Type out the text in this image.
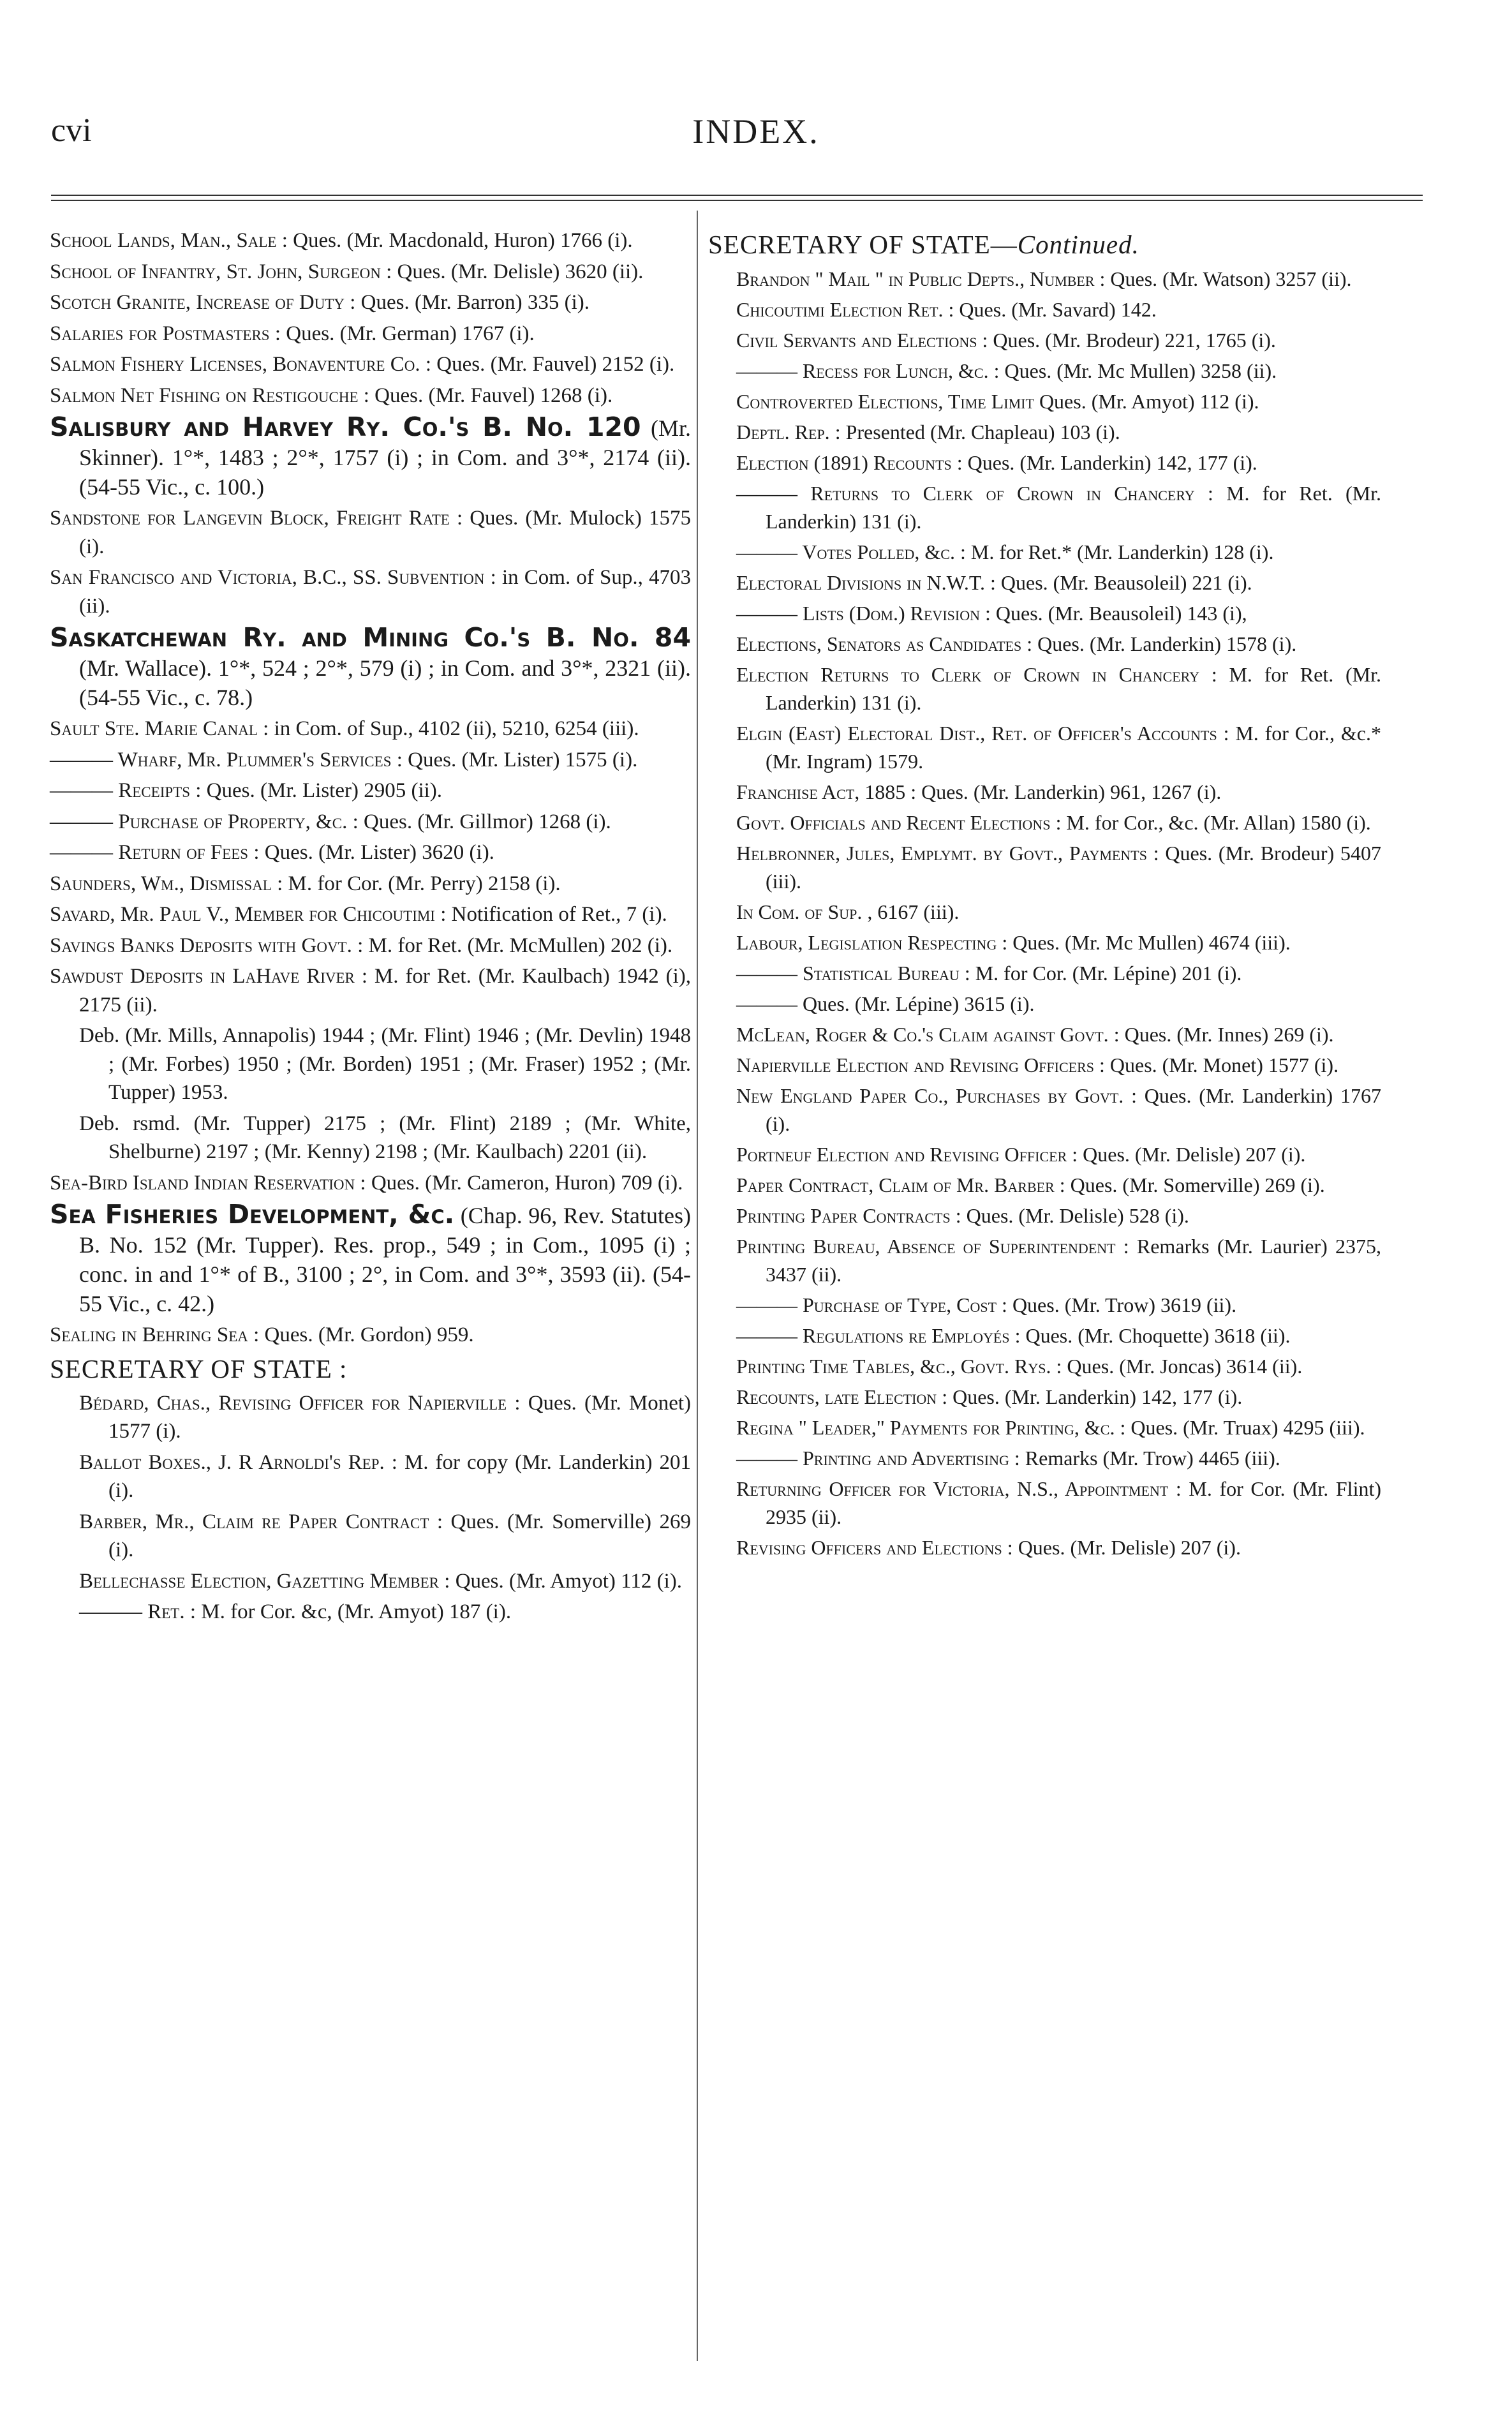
cvi	INDEX.

School Lands, Man., Sale : Ques. (Mr. Macdonald, Huron) 1766 (i).

School of Infantry, St. John, Surgeon : Ques. (Mr. Delisle) 3620 (ii).

Scotch Granite, Increase of Duty : Ques. (Mr. Barron) 335 (i).

Salaries for Postmasters : Ques. (Mr. German) 1767 (i).

Salmon Fishery Licenses, Bonaventure Co. : Ques. (Mr. Fauvel) 2152 (i).

Salmon Net Fishing on Restigouche : Ques. (Mr. Fauvel) 1268 (i).

Salisbury and Harvey Ry. Co.'s B. No. 120 (Mr. Skinner). 1°*, 1483 ; 2°*, 1757 (i) ; in Com. and 3°*, 2174 (ii). (54-55 Vic., c. 100.)

Sandstone for Langevin Block, Freight Rate : Ques. (Mr. Mulock) 1575 (i).

San Francisco and Victoria, B.C., SS. Subvention : in Com. of Sup., 4703 (ii).

Saskatchewan Ry. and Mining Co.'s B. No. 84 (Mr. Wallace). 1°*, 524 ; 2°*, 579 (i) ; in Com. and 3°*, 2321 (ii). (54-55 Vic., c. 78.)

Sault Ste. Marie Canal : in Com. of Sup., 4102 (ii), 5210, 6254 (iii).

——— Wharf, Mr. Plummer's Services : Ques. (Mr. Lister) 1575 (i).

——— Receipts : Ques. (Mr. Lister) 2905 (ii).

——— Purchase of Property, &c. : Ques. (Mr. Gillmor) 1268 (i).

——— Return of Fees : Ques. (Mr. Lister) 3620 (i).

Saunders, Wm., Dismissal : M. for Cor. (Mr. Perry) 2158 (i).

Savard, Mr. Paul V., Member for Chicoutimi : Notification of Ret., 7 (i).

Savings Banks Deposits with Govt. : M. for Ret. (Mr. McMullen) 202 (i).

Sawdust Deposits in LaHave River : M. for Ret. (Mr. Kaulbach) 1942 (i), 2175 (ii).

Deb. (Mr. Mills, Annapolis) 1944 ; (Mr. Flint) 1946 ; (Mr. Devlin) 1948 ; (Mr. Forbes) 1950 ; (Mr. Borden) 1951 ; (Mr. Fraser) 1952 ; (Mr. Tupper) 1953.

Deb. rsmd. (Mr. Tupper) 2175 ; (Mr. Flint) 2189 ; (Mr. White, Shelburne) 2197 ; (Mr. Kenny) 2198 ; (Mr. Kaulbach) 2201 (ii).

Sea-Bird Island Indian Reservation : Ques. (Mr. Cameron, Huron) 709 (i).

Sea Fisheries Development, &c. (Chap. 96, Rev. Statutes) B. No. 152 (Mr. Tupper). Res. prop., 549 ; in Com., 1095 (i) ; conc. in and 1°* of B., 3100 ; 2°, in Com. and 3°*, 3593 (ii). (54-55 Vic., c. 42.)

Sealing in Behring Sea : Ques. (Mr. Gordon) 959.

SECRETARY OF STATE :

Bédard, Chas., Revising Officer for Napierville : Ques. (Mr. Monet) 1577 (i).

Ballot Boxes., J. R Arnoldi's Rep. : M. for copy (Mr. Landerkin) 201 (i).

Barber, Mr., Claim re Paper Contract : Ques. (Mr. Somerville) 269 (i).

Bellechasse Election, Gazetting Member : Ques. (Mr. Amyot) 112 (i).

——— Ret. : M. for Cor. &c, (Mr. Amyot) 187 (i).

SECRETARY OF STATE—Continued.

Brandon " Mail " in Public Depts., Number : Ques. (Mr. Watson) 3257 (ii).

Chicoutimi Election Ret. : Ques. (Mr. Savard) 142.

Civil Servants and Elections : Ques. (Mr. Brodeur) 221, 1765 (i).

——— Recess for Lunch, &c. : Ques. (Mr. Mc Mullen) 3258 (ii).

Controverted Elections, Time Limit Ques. (Mr. Amyot) 112 (i).

Deptl. Rep. : Presented (Mr. Chapleau) 103 (i).

Election (1891) Recounts : Ques. (Mr. Landerkin) 142, 177 (i).

——— Returns to Clerk of Crown in Chancery : M. for Ret. (Mr. Landerkin) 131 (i).

——— Votes Polled, &c. : M. for Ret.* (Mr. Landerkin) 128 (i).

Electoral Divisions in N.W.T. : Ques. (Mr. Beausoleil) 221 (i).

——— Lists (Dom.) Revision : Ques. (Mr. Beausoleil) 143 (i),

Elections, Senators as Candidates : Ques. (Mr. Landerkin) 1578 (i).

Election Returns to Clerk of Crown in Chancery : M. for Ret. (Mr. Landerkin) 131 (i).

Elgin (East) Electoral Dist., Ret. of Officer's Accounts : M. for Cor., &c.* (Mr. Ingram) 1579.

Franchise Act, 1885 : Ques. (Mr. Landerkin) 961, 1267 (i).

Govt. Officials and Recent Elections : M. for Cor., &c. (Mr. Allan) 1580 (i).

Helbronner, Jules, Emplymt. by Govt., Payments : Ques. (Mr. Brodeur) 5407 (iii).

In Com. of Sup. , 6167 (iii).

Labour, Legislation Respecting : Ques. (Mr. Mc Mullen) 4674 (iii).

——— Statistical Bureau : M. for Cor. (Mr. Lépine) 201 (i).

——— Ques. (Mr. Lépine) 3615 (i).

McLean, Roger & Co.'s Claim against Govt. : Ques. (Mr. Innes) 269 (i).

Napierville Election and Revising Officers : Ques. (Mr. Monet) 1577 (i).

New England Paper Co., Purchases by Govt. : Ques. (Mr. Landerkin) 1767 (i).

Portneuf Election and Revising Officer : Ques. (Mr. Delisle) 207 (i).

Paper Contract, Claim of Mr. Barber : Ques. (Mr. Somerville) 269 (i).

Printing Paper Contracts : Ques. (Mr. Delisle) 528 (i).

Printing Bureau, Absence of Superintendent : Remarks (Mr. Laurier) 2375, 3437 (ii).

——— Purchase of Type, Cost : Ques. (Mr. Trow) 3619 (ii).

——— Regulations re Employés : Ques. (Mr. Choquette) 3618 (ii).

Printing Time Tables, &c., Govt. Rys. : Ques. (Mr. Joncas) 3614 (ii).

Recounts, late Election : Ques. (Mr. Landerkin) 142, 177 (i).

Regina " Leader," Payments for Printing, &c. : Ques. (Mr. Truax) 4295 (iii).

——— Printing and Advertising : Remarks (Mr. Trow) 4465 (iii).

Returning Officer for Victoria, N.S., Appointment : M. for Cor. (Mr. Flint) 2935 (ii).

Revising Officers and Elections : Ques. (Mr. Delisle) 207 (i).
